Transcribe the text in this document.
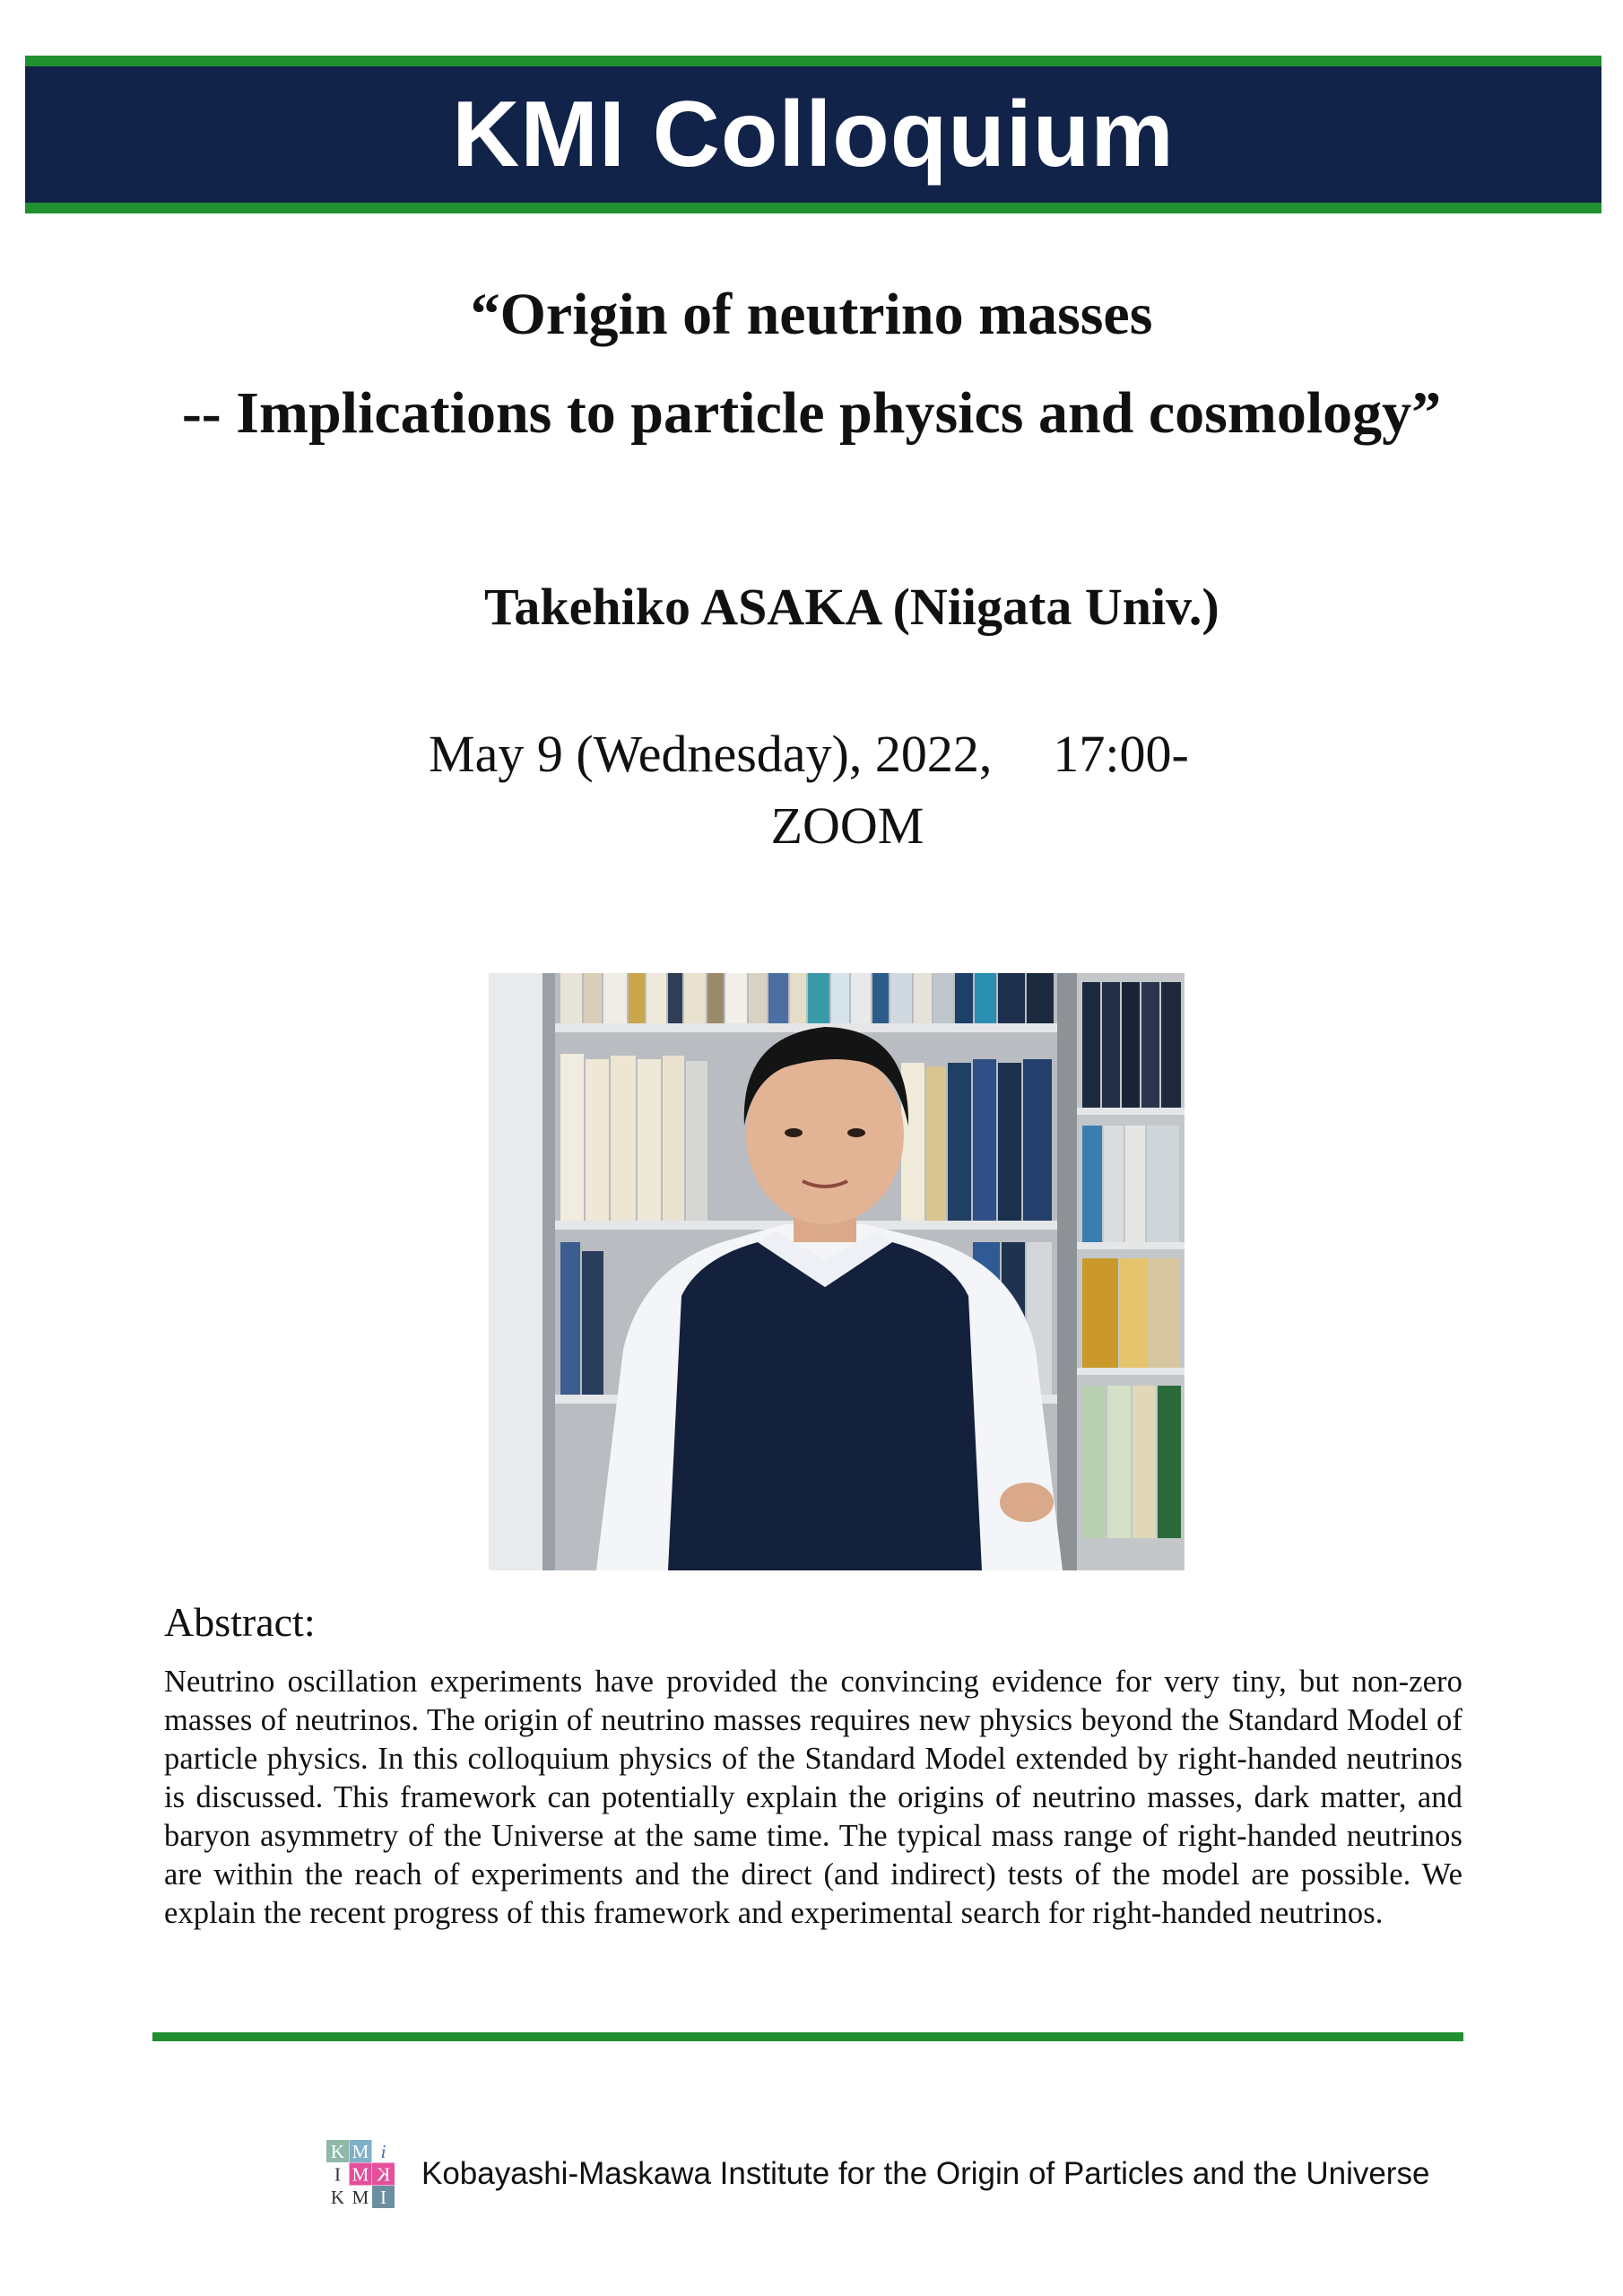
KMI Colloquium
“Origin of neutrino masses
-- Implications to particle physics and cosmology”
Takehiko ASAKA (Niigata Univ.)
May 9 (Wednesday), 2022, 17:00-
ZOOM
Abstract:
Neutrino oscillation experiments have provided the convincing evidence for very tiny, but non-zero masses of neutrinos. The origin of neutrino masses requires new physics beyond the Standard Model of particle physics. In this colloquium physics of the Standard Model extended by right-handed neutrinos is discussed. This framework can potentially explain the origins of neutrino masses, dark matter, and baryon asymmetry of the Universe at the same time. The typical mass range of right-handed neutrinos are within the reach of experiments and the direct (and indirect) tests of the model are possible. We explain the recent progress of this framework and experimental search for right-handed neutrinos.
K M i
I M K
K M I
Kobayashi-Maskawa Institute for the Origin of Particles and the Universe
